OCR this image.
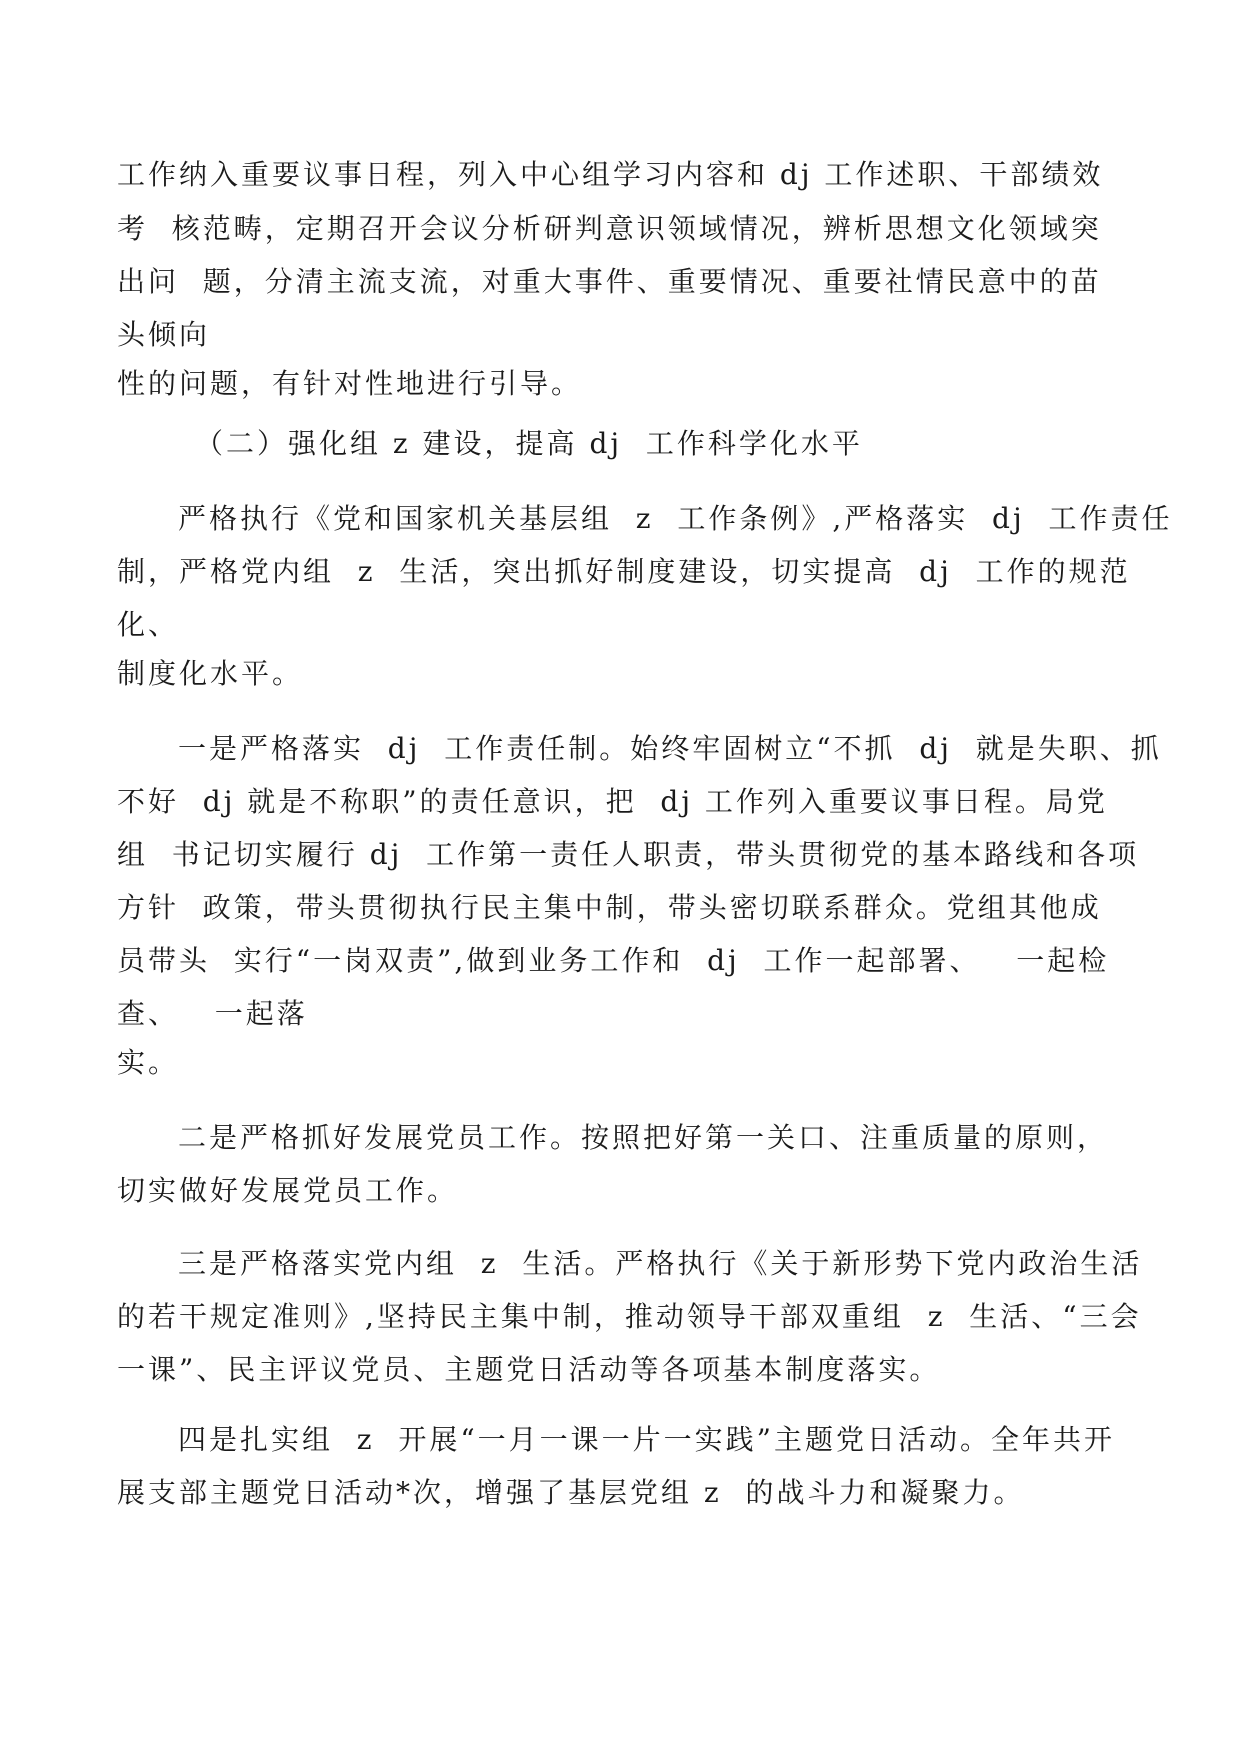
工作纳入重要议事日程，列入中心组学习内容和 dj 工作述职、干部绩效
考  核范畴，定期召开会议分析研判意识领域情况，辨析思想文化领域突
出问  题，分清主流支流，对重大事件、重要情况、重要社情民意中的苗
头倾向
性的问题，有针对性地进行引导。
（二）强化组 z 建设，提高 dj  工作科学化水平
严格执行《党和国家机关基层组  z  工作条例》,严格落实  dj  工作责任
制，严格党内组  z  生活，突出抓好制度建设，切实提高  dj  工作的规范
化、
制度化水平。
一是严格落实  dj  工作责任制。始终牢固树立“不抓  dj  就是失职、抓
不好  dj 就是不称职”的责任意识，把  dj 工作列入重要议事日程。局党
组  书记切实履行 dj  工作第一责任人职责，带头贯彻党的基本路线和各项
方针  政策，带头贯彻执行民主集中制，带头密切联系群众。党组其他成
员带头  实行“一岗双责”,做到业务工作和  dj  工作一起部署、   一起检
查、   一起落
实。
二是严格抓好发展党员工作。按照把好第一关口、注重质量的原则，
切实做好发展党员工作。
三是严格落实党内组  z  生活。严格执行《关于新形势下党内政治生活
的若干规定准则》,坚持民主集中制，推动领导干部双重组  z  生活、“三会
一课”、民主评议党员、主题党日活动等各项基本制度落实。
四是扎实组  z  开展“一月一课一片一实践”主题党日活动。全年共开
展支部主题党日活动*次，增强了基层党组 z  的战斗力和凝聚力。
